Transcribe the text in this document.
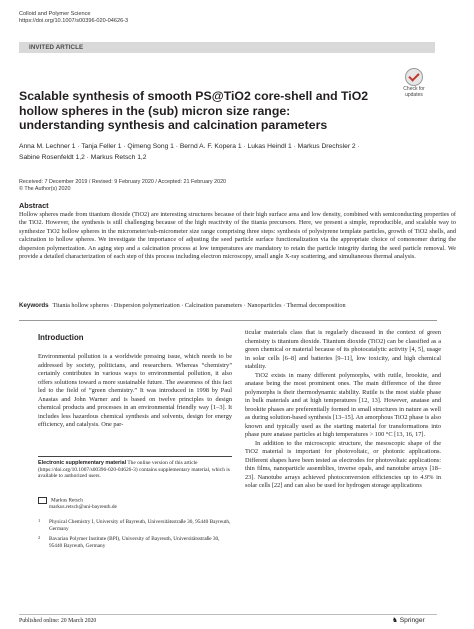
Colloid and Polymer Science
https://doi.org/10.1007/s00396-020-04626-3
INVITED ARTICLE
Check for
updates
Scalable synthesis of smooth PS@TiO2 core-shell and TiO2 hollow spheres in the (sub) micron size range: understanding synthesis and calcination parameters
Anna M. Lechner 1 · Tanja Feller 1 · Qimeng Song 1 · Bernd A. F. Kopera 1 · Lukas Heindl 1 · Markus Drechsler 2 ·
Sabine Rosenfeldt 1,2 · Markus Retsch 1,2
Received: 7 December 2019 / Revised: 9 February 2020 / Accepted: 21 February 2020
© The Author(s) 2020
Abstract
Hollow spheres made from titanium dioxide (TiO2) are interesting structures because of their high surface area and low density, combined with semiconducting properties of the TiO2. However, the synthesis is still challenging because of the high reactivity of the titania precursors. Here, we present a simple, reproducible, and scalable way to synthesize TiO2 hollow spheres in the micrometer/sub-micrometer size range comprising three steps: synthesis of polystyrene template particles, growth of TiO2 shells, and calcination to hollow spheres. We investigate the importance of adjusting the seed particle surface functionalization via the appropriate choice of comonomer during the dispersion polymerization. An aging step and a calcination process at low temperatures are mandatory to retain the particle integrity during the seed particle removal. We provide a detailed characterization of each step of this process including electron microscopy, small angle X-ray scattering, and simultaneous thermal analysis.
Keywords Titania hollow spheres · Dispersion polymerization · Calcination parameters · Nanoparticles · Thermal decomposition
Introduction
Environmental pollution is a worldwide pressing issue, which needs to be addressed by society, politicians, and researchers. Whereas “chemistry” certainly contributes in various ways to environmental pollution, it also offers solutions toward a more sustainable future. The awareness of this fact led to the field of “green chemistry.” It was introduced in 1998 by Paul Anastas and John Warner and is based on twelve principles to design chemical products and processes in an environmental friendly way [1–3]. It includes less hazardous chemical synthesis and solvents, design for energy efficiency, and catalysis. One par-
ticular materials class that is regularly discussed in the context of green chemistry is titanium dioxide. Titanium dioxide (TiO2) can be classified as a green chemical or material because of its photocatalytic activity [4, 5], usage in solar cells [6–8] and batteries [9–11], low toxicity, and high chemical stability.
TiO2 exists in many different polymorphs, with rutile, brookite, and anatase being the most prominent ones. The main difference of the three polymorphs is their thermodynamic stability. Rutile is the most stable phase in bulk materials and at high temperatures [12, 13]. However, anatase and brookite phases are preferentially formed in small structures in nature as well as during solution-based synthesis [13–15]. An amorphous TiO2 phase is also known and typically used as the starting material for transformations into phase pure anatase particles at high temperatures > 100 °C [13, 16, 17].
In addition to the microscopic structure, the mesoscopic shape of the TiO2 material is important for photovoltaic, or photonic applications. Different shapes have been tested as electrodes for photovoltaic applications: thin films, nanoparticle assemblies, inverse opals, and nanotube arrays [18–23]. Nanotube arrays achieved photoconversion efficiencies up to 4.9% in solar cells [22] and can also be used for hydrogen storage applications
Electronic supplementary material The online version of this article (https://doi.org/10.1007/s00396-020-04626-3) contains supplementary material, which is available to authorized users.
Markus Retsch
markus.retsch@uni-bayreuth.de
1	Physical Chemistry I, University of Bayreuth, Universitätsstraße 30, 95440 Bayreuth, Germany
2	Bavarian Polymer Institute (BPI), University of Bayreuth, Universitätsstraße 30, 95440 Bayreuth, Germany
Published online: 20 March 2020	♞ Springer
